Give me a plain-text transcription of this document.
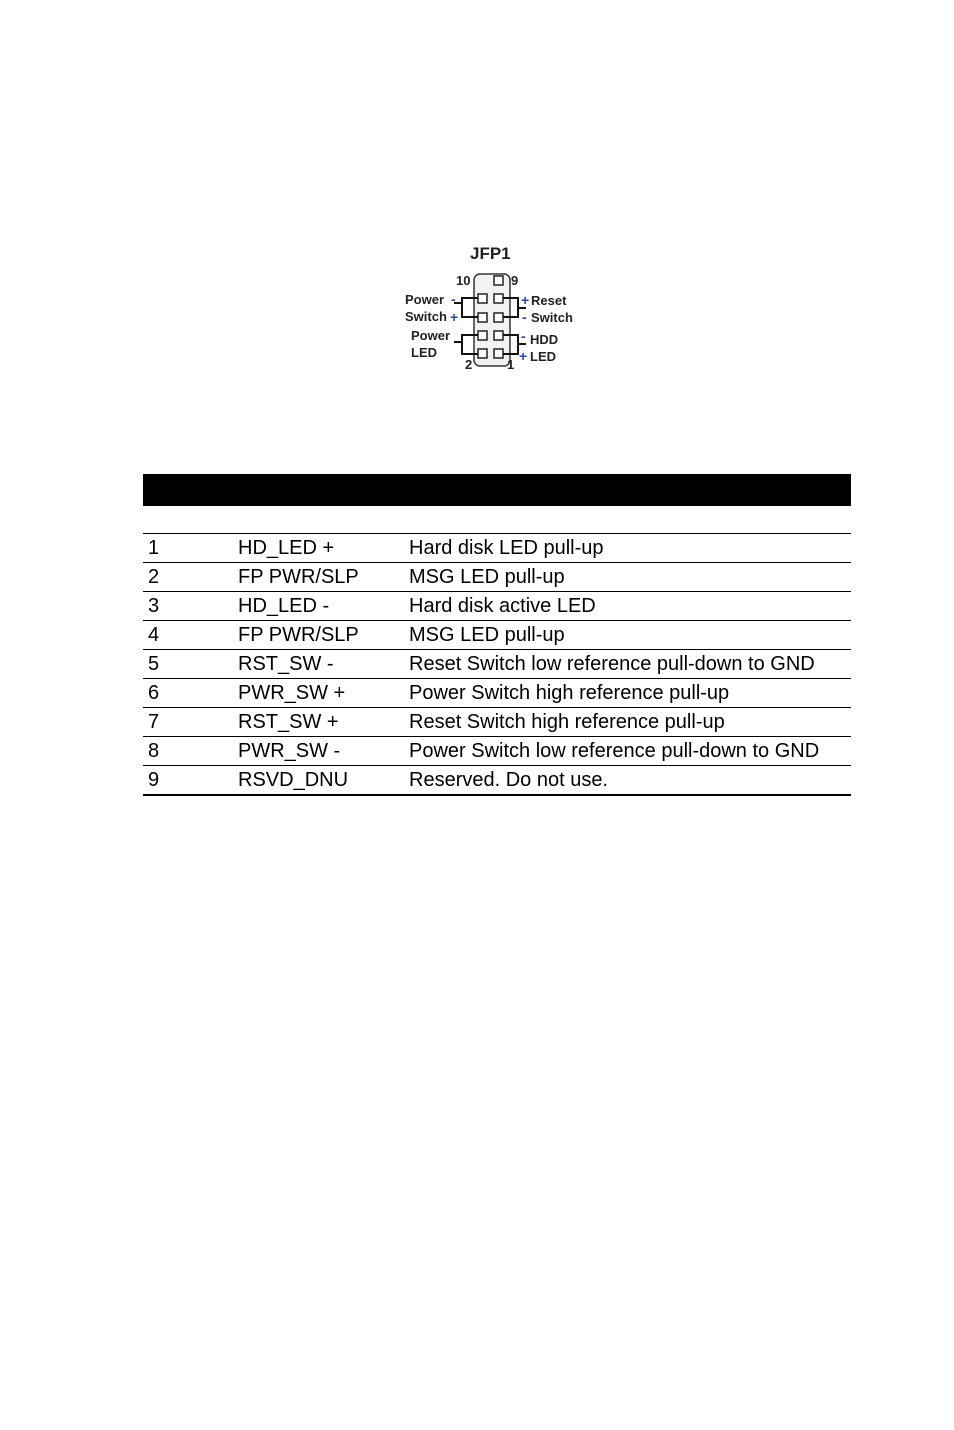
JFP1
10	9
2	1
Power
Switch
Power
LED
Reset
Switch
HDD
LED
-
+
+
-
-
+

1	HD_LED +	Hard disk LED pull-up
2	FP PWR/SLP	MSG LED pull-up
3	HD_LED -	Hard disk active LED
4	FP PWR/SLP	MSG LED pull-up
5	RST_SW -	Reset Switch low reference pull-down to GND
6	PWR_SW +	Power Switch high reference pull-up
7	RST_SW +	Reset Switch high reference pull-up
8	PWR_SW -	Power Switch low reference pull-down to GND
9	RSVD_DNU	Reserved. Do not use.
